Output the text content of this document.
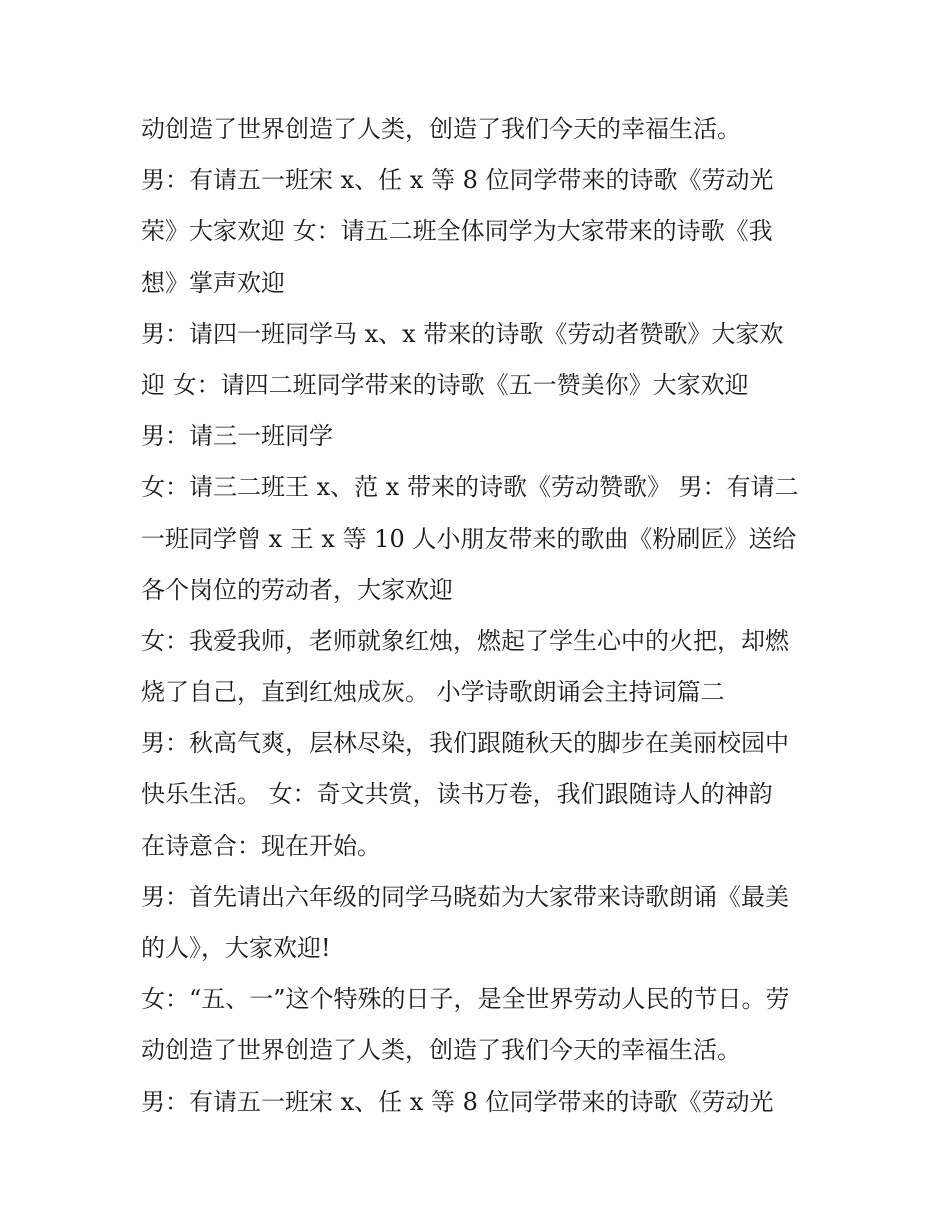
动创造了世界创造了人类，创造了我们今天的幸福生活。
男：有请五一班宋 x、任 x 等 8 位同学带来的诗歌《劳动光
荣》大家欢迎 女：请五二班全体同学为大家带来的诗歌《我
想》掌声欢迎
男：请四一班同学马 x、x 带来的诗歌《劳动者赞歌》大家欢
迎 女：请四二班同学带来的诗歌《五一赞美你》大家欢迎
男：请三一班同学
女：请三二班王 x、范 x 带来的诗歌《劳动赞歌》 男：有请二
一班同学曾 x 王 x 等 10 人小朋友带来的歌曲《粉刷匠》送给
各个岗位的劳动者，大家欢迎
女：我爱我师，老师就象红烛，燃起了学生心中的火把，却燃
烧了自己，直到红烛成灰。 小学诗歌朗诵会主持词篇二
男：秋高气爽，层林尽染，我们跟随秋天的脚步在美丽校园中
快乐生活。 女：奇文共赏，读书万卷，我们跟随诗人的神韵
在诗意合：现在开始。
男：首先请出六年级的同学马晓茹为大家带来诗歌朗诵《最美
的人》，大家欢迎!
女：“五、一”这个特殊的日子，是全世界劳动人民的节日。劳
动创造了世界创造了人类，创造了我们今天的幸福生活。
男：有请五一班宋 x、任 x 等 8 位同学带来的诗歌《劳动光
